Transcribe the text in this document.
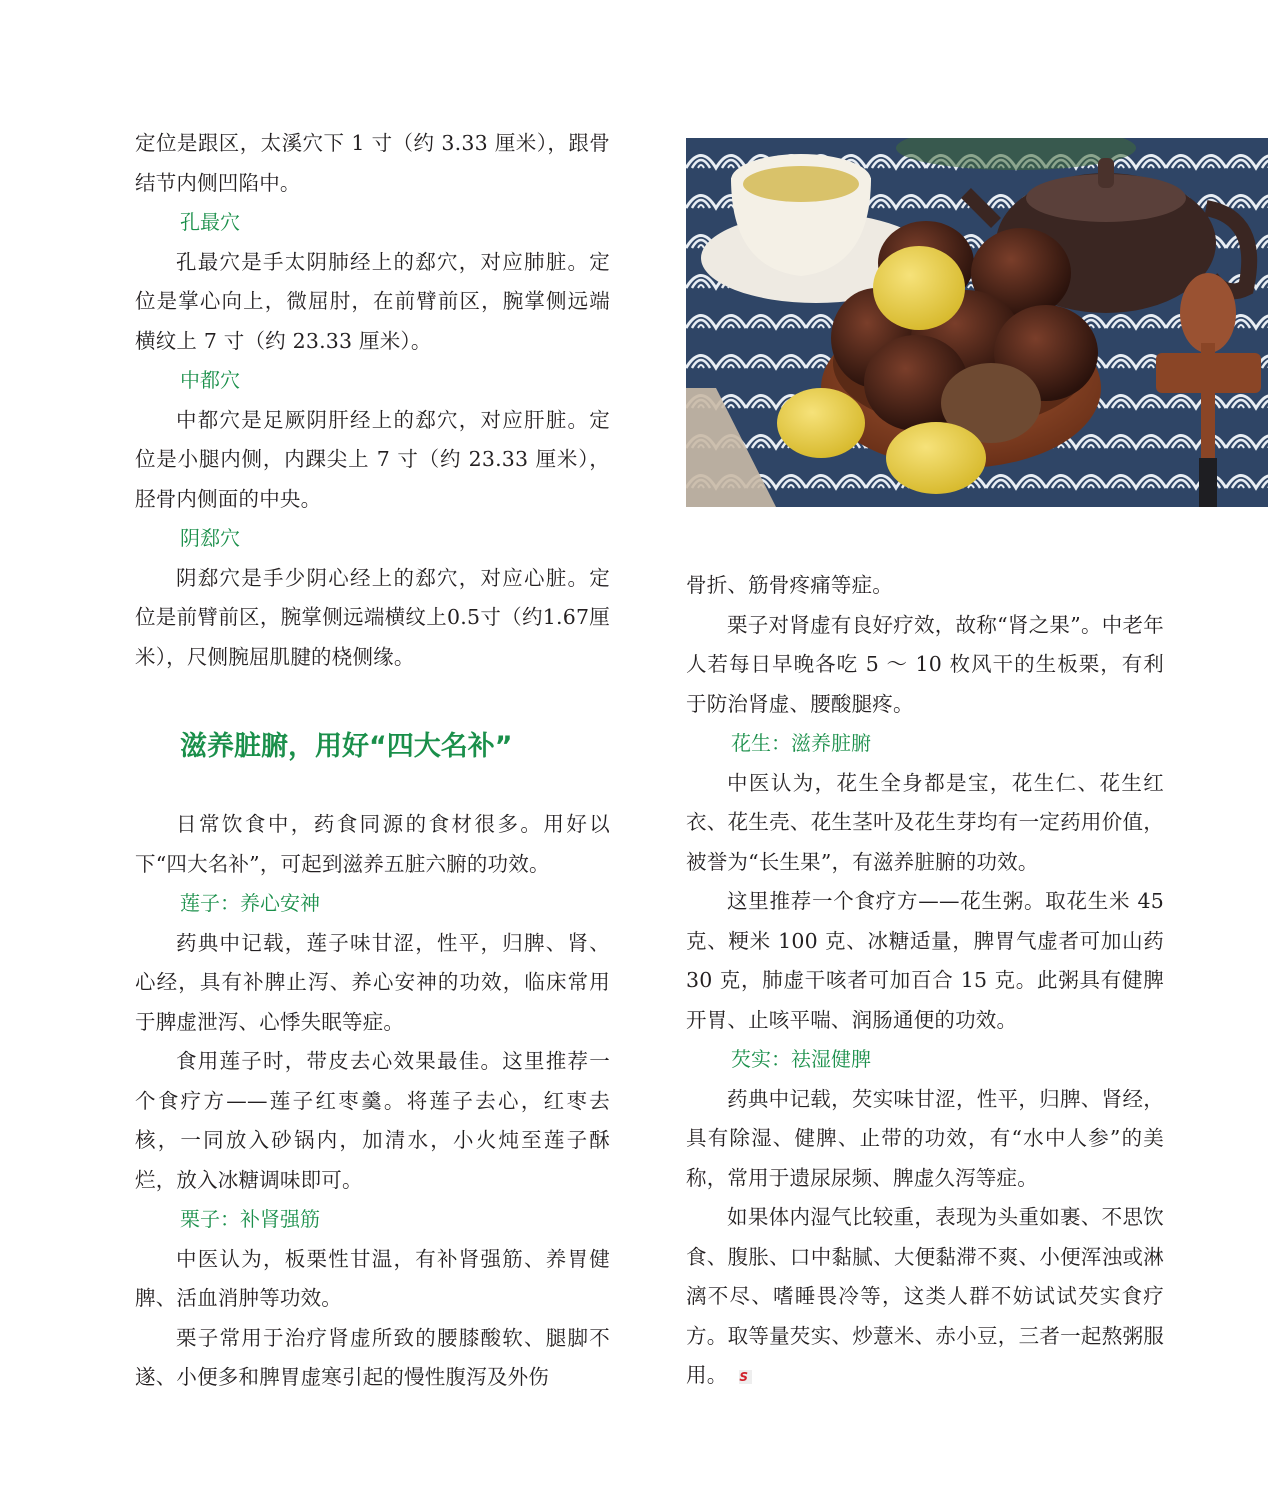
定位是跟区，太溪穴下 1 寸（约 3.33 厘米），跟骨结节内侧凹陷中。

孔最穴

孔最穴是手太阴肺经上的郄穴，对应肺脏。定位是掌心向上，微屈肘，在前臂前区，腕掌侧远端横纹上 7 寸（约 23.33 厘米）。

中都穴

中都穴是足厥阴肝经上的郄穴，对应肝脏。定位是小腿内侧，内踝尖上 7 寸（约 23.33 厘米），胫骨内侧面的中央。

阴郄穴

阴郄穴是手少阴心经上的郄穴，对应心脏。定位是前臂前区，腕掌侧远端横纹上0.5寸（约1.67厘米），尺侧腕屈肌腱的桡侧缘。

滋养脏腑，用好“四大名补”

日常饮食中，药食同源的食材很多。用好以下“四大名补”，可起到滋养五脏六腑的功效。

莲子：养心安神

药典中记载，莲子味甘涩，性平，归脾、肾、心经，具有补脾止泻、养心安神的功效，临床常用于脾虚泄泻、心悸失眠等症。

食用莲子时，带皮去心效果最佳。这里推荐一个食疗方——莲子红枣羹。将莲子去心，红枣去核，一同放入砂锅内，加清水，小火炖至莲子酥烂，放入冰糖调味即可。

栗子：补肾强筋

中医认为，板栗性甘温，有补肾强筋、养胃健脾、活血消肿等功效。

栗子常用于治疗肾虚所致的腰膝酸软、腿脚不遂、小便多和脾胃虚寒引起的慢性腹泻及外伤

骨折、筋骨疼痛等症。

栗子对肾虚有良好疗效，故称“肾之果”。中老年人若每日早晚各吃 5 ～ 10 枚风干的生板栗，有利于防治肾虚、腰酸腿疼。

花生：滋养脏腑

中医认为，花生全身都是宝，花生仁、花生红衣、花生壳、花生茎叶及花生芽均有一定药用价值，被誉为“长生果”，有滋养脏腑的功效。

这里推荐一个食疗方——花生粥。取花生米 45 克、粳米 100 克、冰糖适量，脾胃气虚者可加山药 30 克，肺虚干咳者可加百合 15 克。此粥具有健脾开胃、止咳平喘、润肠通便的功效。

芡实：祛湿健脾

药典中记载，芡实味甘涩，性平，归脾、肾经，具有除湿、健脾、止带的功效，有“水中人参”的美称，常用于遗尿尿频、脾虚久泻等症。

如果体内湿气比较重，表现为头重如裹、不思饮食、腹胀、口中黏腻、大便黏滞不爽、小便浑浊或淋漓不尽、嗜睡畏冷等，这类人群不妨试试芡实食疗方。取等量芡实、炒薏米、赤小豆，三者一起熬粥服用。 S
